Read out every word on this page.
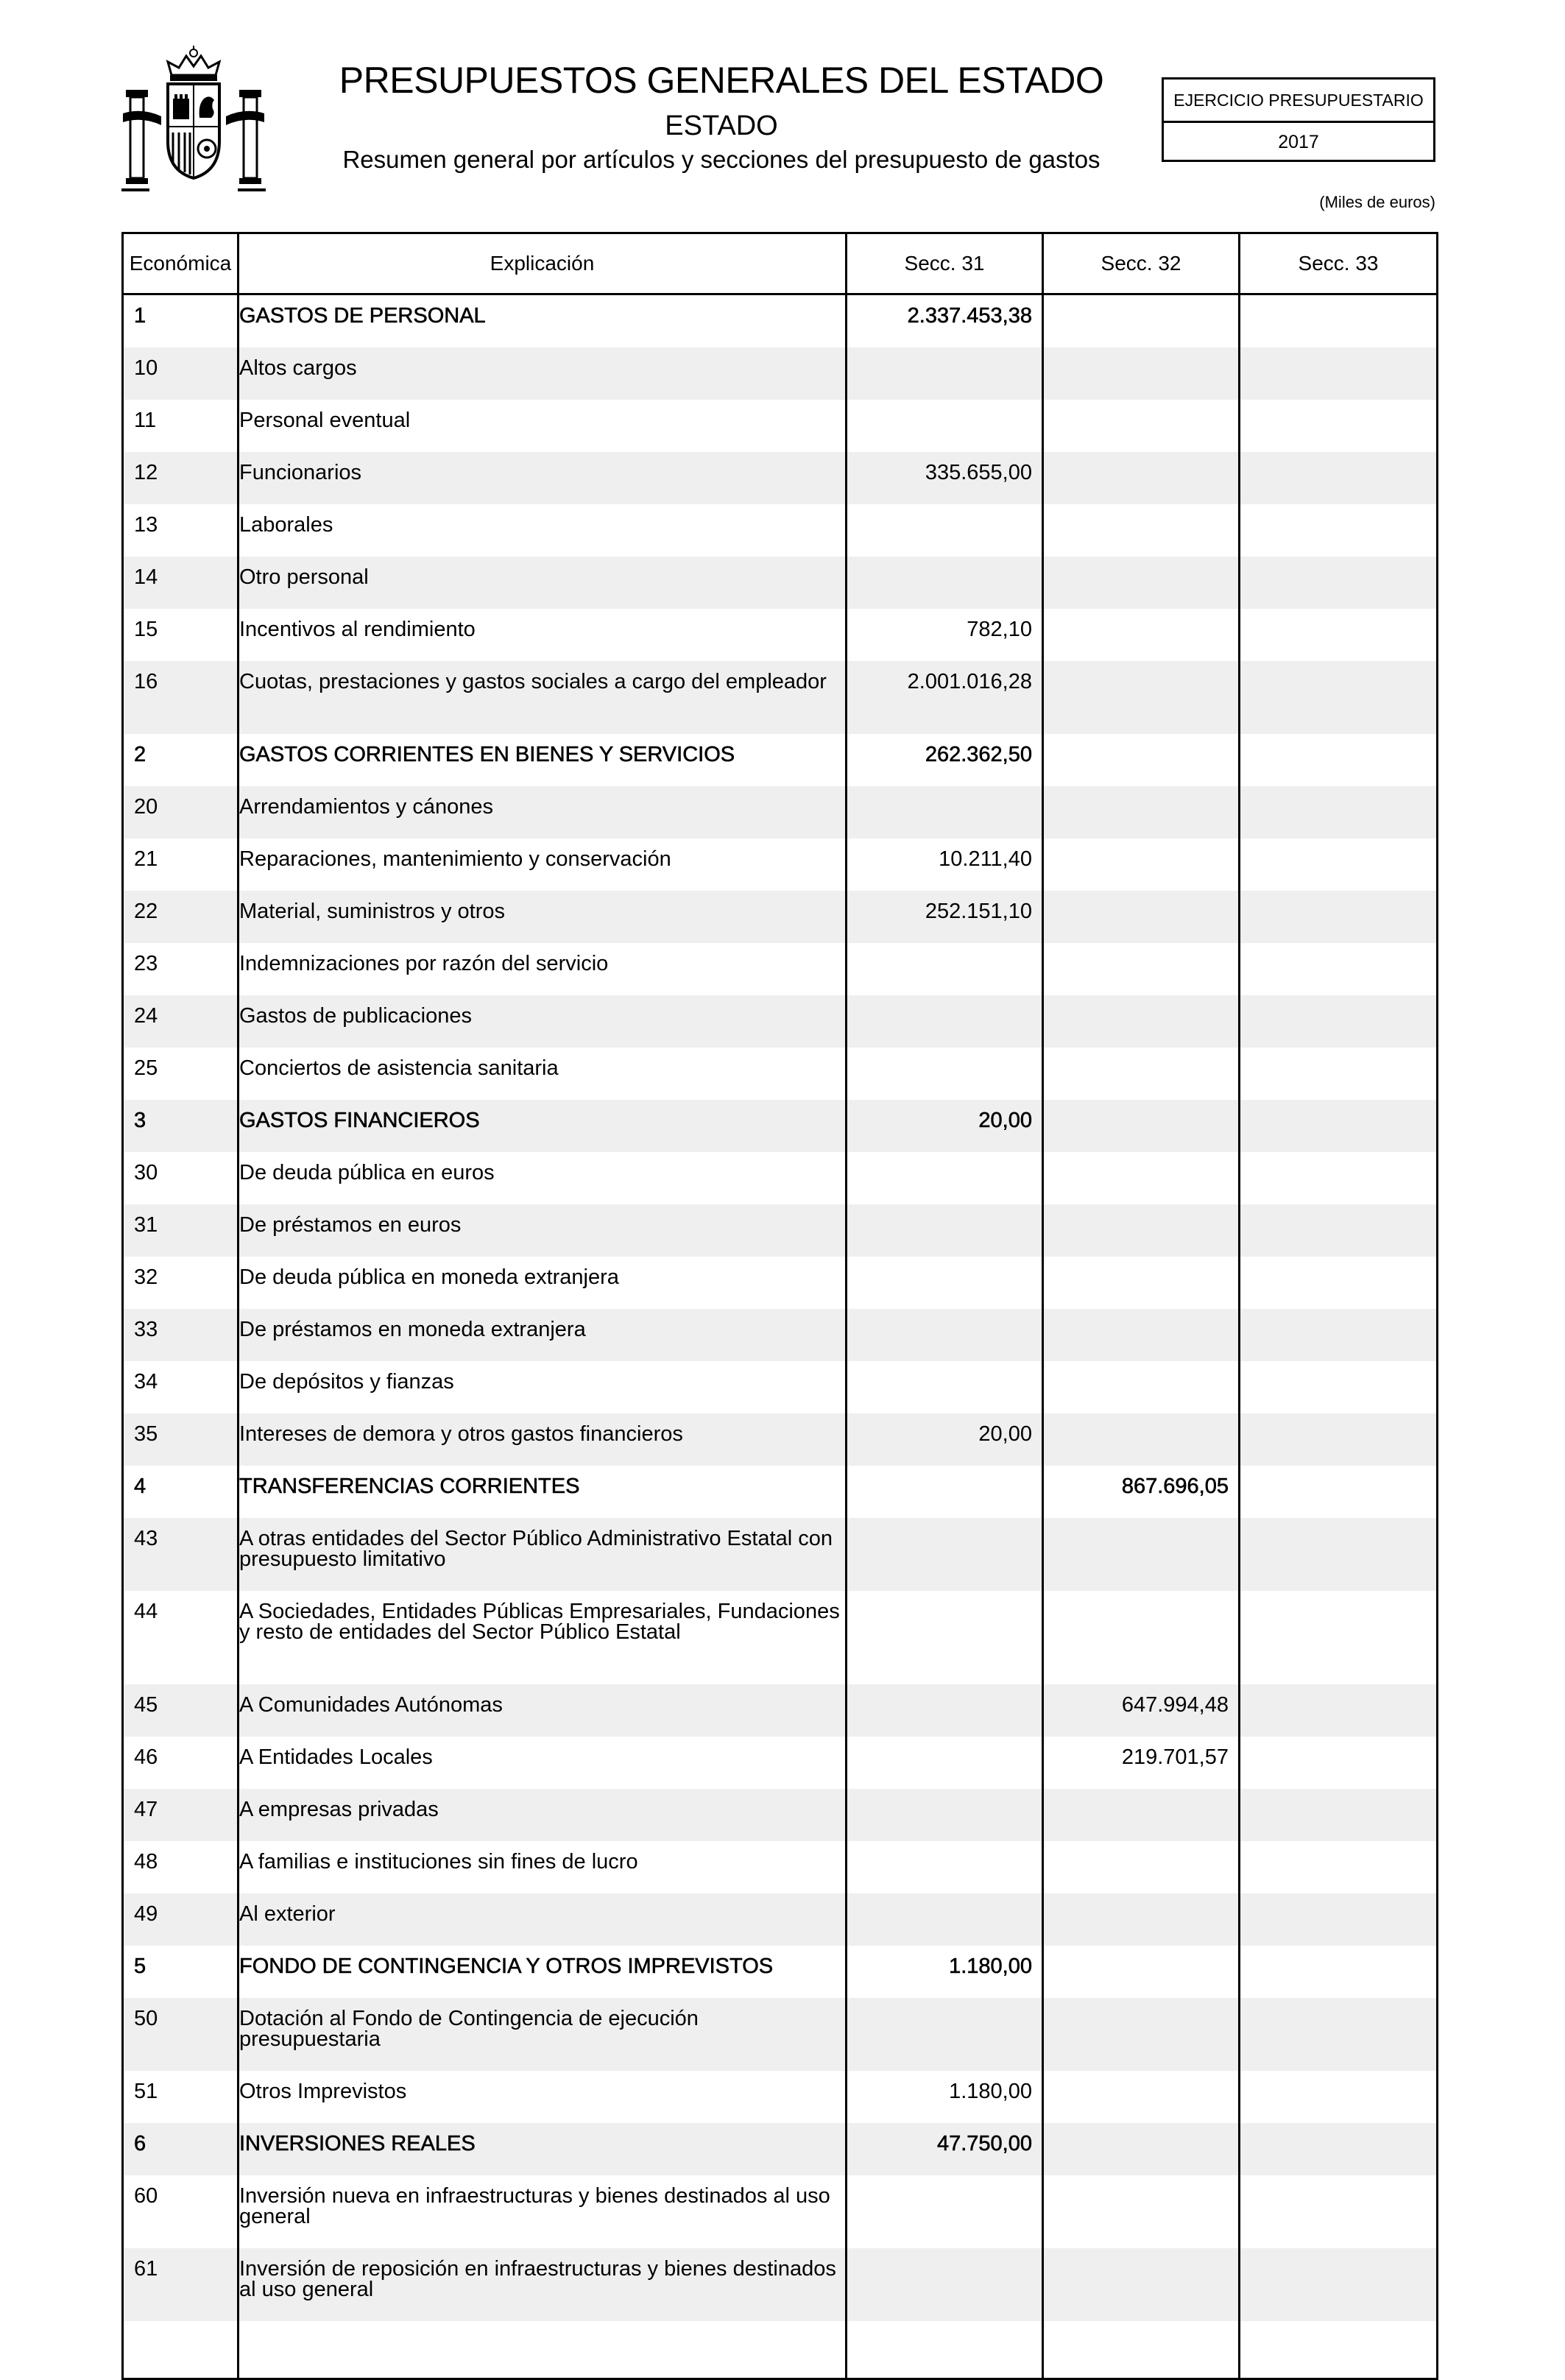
PRESUPUESTOS GENERALES DEL ESTADO
ESTADO
Resumen general por artículos y secciones del presupuesto de gastos
EJERCICIO PRESUPUESTARIO
2017
(Miles de euros)
Económica	Explicación	Secc. 31	Secc. 32	Secc. 33
1	GASTOS DE PERSONAL	2.337.453,38		
10	Altos cargos			
11	Personal eventual			
12	Funcionarios	335.655,00		
13	Laborales			
14	Otro personal			
15	Incentivos al rendimiento	782,10		
16	Cuotas, prestaciones y gastos sociales a cargo del empleador	2.001.016,28		
2	GASTOS CORRIENTES EN BIENES Y SERVICIOS	262.362,50		
20	Arrendamientos y cánones			
21	Reparaciones, mantenimiento y conservación	10.211,40		
22	Material, suministros y otros	252.151,10		
23	Indemnizaciones por razón del servicio			
24	Gastos de publicaciones			
25	Conciertos de asistencia sanitaria			
3	GASTOS FINANCIEROS	20,00		
30	De deuda pública en euros			
31	De préstamos en euros			
32	De deuda pública en moneda extranjera			
33	De préstamos en moneda extranjera			
34	De depósitos y fianzas			
35	Intereses de demora y otros gastos financieros	20,00		
4	TRANSFERENCIAS CORRIENTES		867.696,05	
43	A otras entidades del Sector Público Administrativo Estatal con presupuesto limitativo			
44	A Sociedades, Entidades Públicas Empresariales, Fundaciones y resto de entidades del Sector Público Estatal			
45	A Comunidades Autónomas		647.994,48	
46	A Entidades Locales		219.701,57	
47	A empresas privadas			
48	A familias e instituciones sin fines de lucro			
49	Al exterior			
5	FONDO DE CONTINGENCIA Y OTROS IMPREVISTOS	1.180,00		
50	Dotación al Fondo de Contingencia de ejecución presupuestaria			
51	Otros Imprevistos	1.180,00		
6	INVERSIONES REALES	47.750,00		
60	Inversión nueva en infraestructuras y bienes destinados al uso general			
61	Inversión de reposición en infraestructuras y bienes destinados al uso general			
